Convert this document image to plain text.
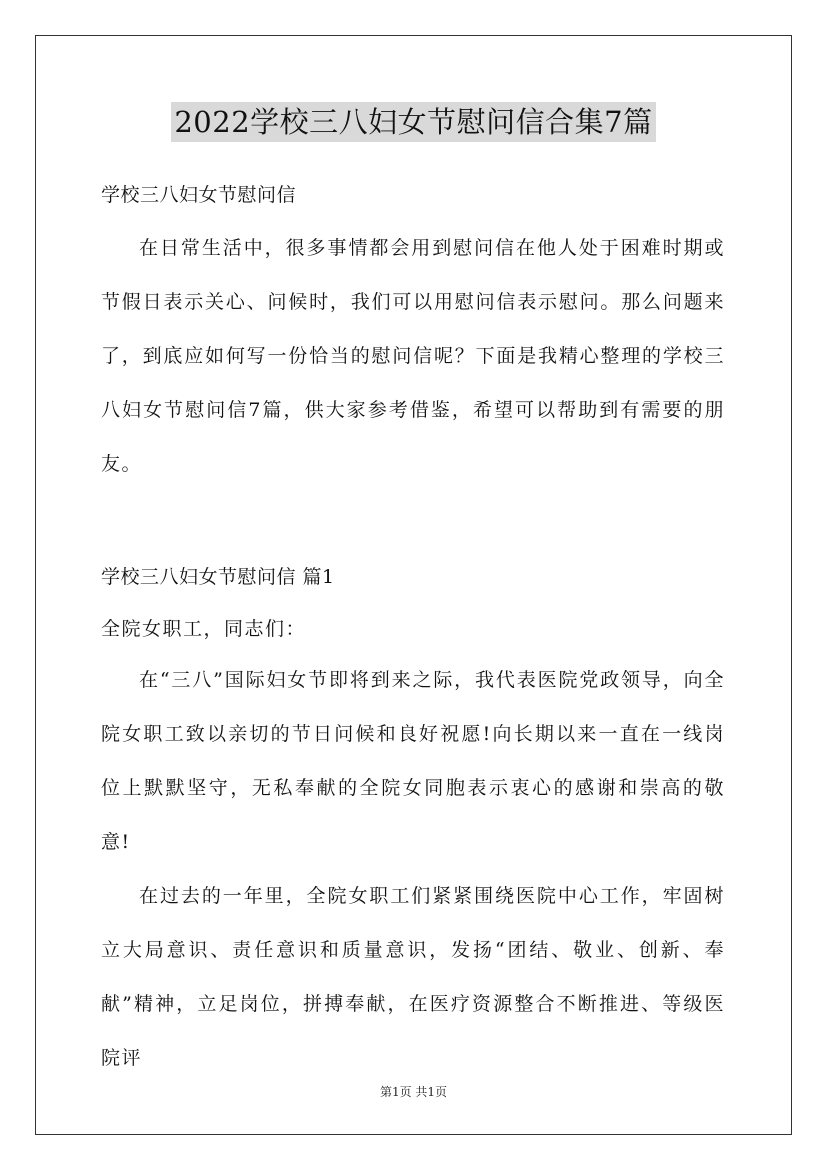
2022学校三八妇女节慰问信合集7篇
学校三八妇女节慰问信

在日常生活中，很多事情都会用到慰问信在他人处于困难时期或节假日表示关心、问候时，我们可以用慰问信表示慰问。那么问题来了，到底应如何写一份恰当的慰问信呢？下面是我精心整理的学校三八妇女节慰问信7篇，供大家参考借鉴，希望可以帮助到有需要的朋友。

学校三八妇女节慰问信 篇1
全院女职工，同志们：

在“三八”国际妇女节即将到来之际，我代表医院党政领导，向全院女职工致以亲切的节日问候和良好祝愿!向长期以来一直在一线岗位上默默坚守，无私奉献的全院女同胞表示衷心的感谢和崇高的敬意!

在过去的一年里，全院女职工们紧紧围绕医院中心工作，牢固树立大局意识、责任意识和质量意识，发扬“团结、敬业、创新、奉献”精神，立足岗位，拼搏奉献，在医疗资源整合不断推进、等级医院评

第1页 共1页
